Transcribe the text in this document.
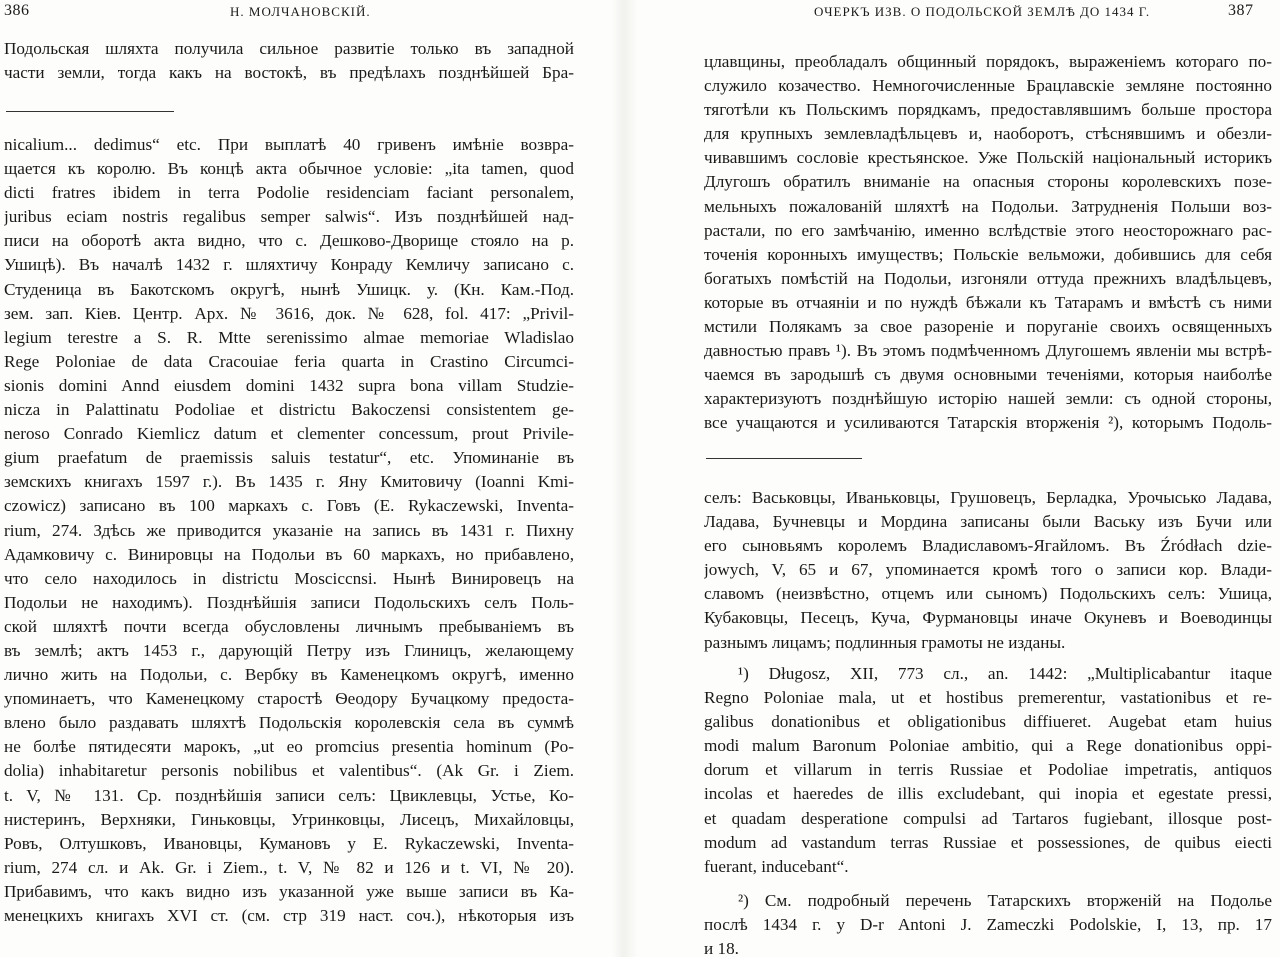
386	Н. МОЛЧАНОВСКІЙ.
Подольская шляхта получила сильное развитіе только въ западной
части земли, тогда какъ на востокѣ, въ предѣлахъ позднѣйшей Бра-
nicalium... dedimus“ etc. При выплатѣ 40 гривенъ имѣніе возвра-
щается къ королю. Въ концѣ акта обычное условіе: „ita tamen, quod
dicti fratres ibidem in terra Podolie residenciam faciant personalem,
juribus eciam nostris regalibus semper salwis“. Изъ позднѣйшей над-
писи на оборотѣ акта видно, что с. Дешково-Дворище стояло на р.
Ушицѣ). Въ началѣ 1432 г. шляхтичу Конраду Кемличу записано с.
Студеница въ Бакотскомъ округѣ, нынѣ Ушицк. у. (Кн. Кам.-Под.
зем. зап. Кiев. Центр. Арх. № 3616, док. № 628, fol. 417: „Privil-
legium terestre a S. R. Mtte serenissimo almae memoriae Wladislao
Rege Poloniae de data Cracouiae feria quarta in Crastino Circumci-
sionis domini Annd eiusdem domini 1432 supra bona villam Studzie-
nicza in Palattinatu Podoliae et districtu Bakoczensi consistentem ge-
neroso Conrado Kiemlicz datum et clementer concessum, prout Privile-
gium praefatum de praemissis saluis testatur“, etc. Упоминаніе въ
земскихъ книгахъ 1597 г.). Въ 1435 г. Яну Кмитовичу (Ioanni Kmi-
czowicz) записано въ 100 маркахъ с. Говъ (E. Rykaczewski, Inventa-
rium, 274. Здѣсь же приводится указаніе на запись въ 1431 г. Пихну
Адамковичу с. Винировцы на Подольи въ 60 маркахъ, но прибавлено,
что село находилось in districtu Mosciccnsi. Нынѣ Винировецъ на
Подольи не находимъ). Позднѣйшія записи Подольскихъ селъ Поль-
ской шляхтѣ почти всегда обусловлены личнымъ пребываніемъ въ
въ землѣ; актъ 1453 г., дарующій Петру изъ Глиницъ, желающему
лично жить на Подольи, с. Вербку въ Каменецкомъ округѣ, именно
упоминаетъ, что Каменецкому старостѣ Ѳеодору Бучацкому предоста-
влено было раздавать шляхтѣ Подольскія королевскія села въ суммѣ
не болѣе пятидесяти марокъ, „ut eo promcius presentia hominum (Po-
dolia) inhabitaretur personis nobilibus et valentibus“. (Ak Gr. i Ziem.
t. V, № 131. Ср. позднѣйшія записи селъ: Цвиклевцы, Устье, Ко-
нистеринъ, Верхняки, Гиньковцы, Угринковцы, Лисецъ, Михайловцы,
Ровъ, Олтушковъ, Ивановцы, Кумановъ у E. Rykaczewski, Inventa-
rium, 274 сл. и Ak. Gr. i Ziem., t. V, № 82 и 126 и t. VI, № 20).
Прибавимъ, что какъ видно изъ указанной уже выше записи въ Ка-
менецкихъ книгахъ XVI ст. (см. стр 319 наст. соч.), нѣкоторыя изъ
ОЧЕРКЪ ИЗВ. О ПОДОЛЬСКОЙ ЗЕМЛѢ ДО 1434 Г.	387
цлавщины, преобладалъ общинный порядокъ, выраженіемъ котораго по-
служило козачество. Немногочисленные Брацлавскіе земляне постоянно
тяготѣли къ Польскимъ порядкамъ, предоставлявшимъ больше простора
для крупныхъ землевладѣльцевъ и, наоборотъ, стѣснявшимъ и обезли-
чивавшимъ сословіе крестьянское. Уже Польскій національный историкъ
Длугошъ обратилъ вниманіе на опасныя стороны королевскихъ позе-
мельныхъ пожалованій шляхтѣ на Подольи. Затрудненія Польши воз-
растали, по его замѣчанію, именно вслѣдствіе этого неосторожнаго рас-
точенія коронныхъ имуществъ; Польскіе вельможи, добившись для себя
богатыхъ помѣстій на Подольи, изгоняли оттуда прежнихъ владѣльцевъ,
которые въ отчаяніи и по нуждѣ бѣжали къ Татарамъ и вмѣстѣ съ ними
мстили Полякамъ за свое разореніе и поруганіе своихъ освященныхъ
давностью правъ ¹). Въ этомъ подмѣченномъ Длугошемъ явленіи мы встрѣ-
чаемся въ зародышѣ съ двумя основными теченіями, которыя наиболѣе
характеризуютъ позднѣйшую исторію нашей земли: съ одной стороны,
все учащаются и усиливаются Татарскія вторженія ²), которымъ Подоль-
селъ: Васьковцы, Иваньковцы, Грушовецъ, Берладка, Урочысько Ладава,
Ладава, Бучневцы и Мордина записаны были Ваську изъ Бучи или
его сыновьямъ королемъ Владиславомъ-Ягайломъ. Въ Źródłach dzie-
jowych, V, 65 и 67, упоминается кромѣ того о записи кор. Влади-
славомъ (неизвѣстно, отцемъ или сыномъ) Подольскихъ селъ: Ушица,
Кубаковцы, Песецъ, Куча, Фурмановцы иначе Окуневъ и Воеводинцы
разнымъ лицамъ; подлинныя грамоты не изданы.
¹) Długosz, XII, 773 сл., an. 1442: „Multiplicabantur itaque
Regno Poloniae mala, ut et hostibus premerentur, vastationibus et re-
galibus donationibus et obligationibus diffiueret. Augebat etam huius
modi malum Baronum Poloniae ambitio, qui a Rege donationibus oppi-
dorum et villarum in terris Russiae et Podoliae impetratis, antiquos
incolas et haeredes de illis excludebant, qui inopia et egestate pressi,
et quadam desperatione compulsi ad Tartaros fugiebant, illosque post-
modum ad vastandum terras Russiae et possessiones, de quibus eiecti
fuerant, inducebant“.
²) См. подробный перечень Татарскихъ вторженій на Подолье
послѣ 1434 г. у D-r Antoni J. Zameczki Podolskie, I, 13, пр. 17
и 18.
